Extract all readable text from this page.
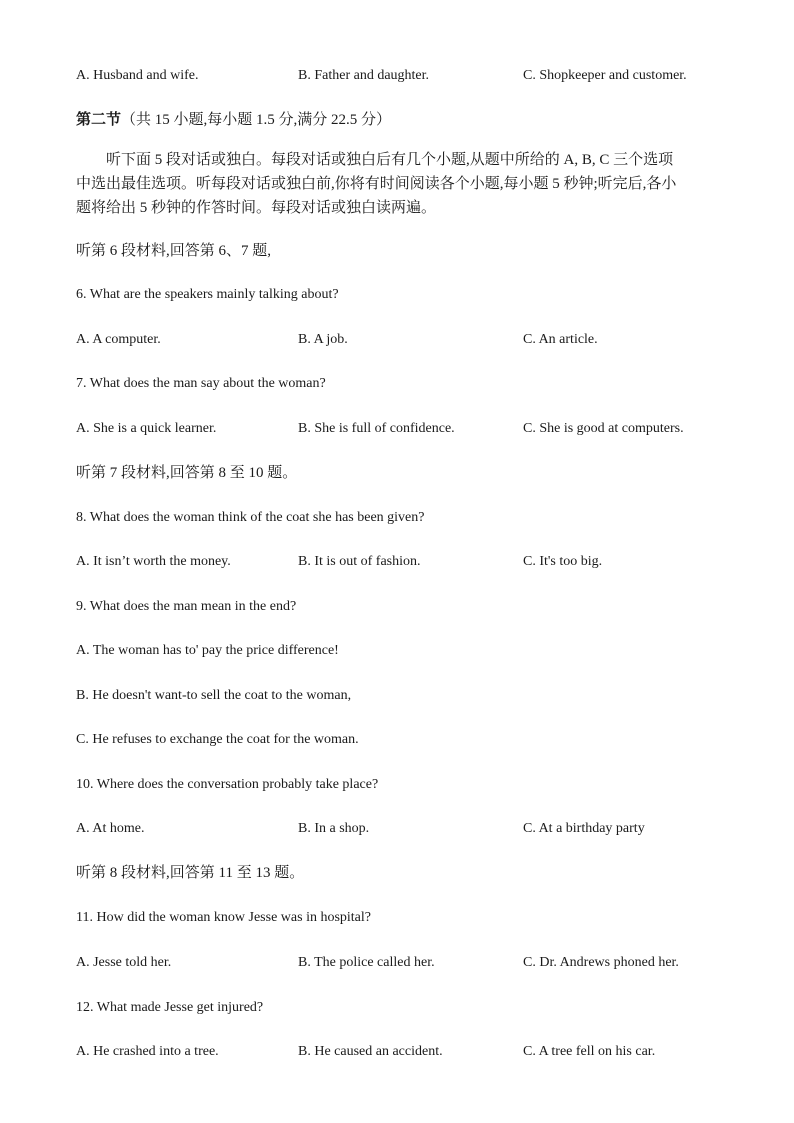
A. Husband and wife.	B. Father and daughter.	C. Shopkeeper and customer.
第二节（共 15 小题,每小题 1.5 分,满分 22.5 分）
听下面 5 段对话或独白。每段对话或独白后有几个小题,从题中所给的 A, B, C 三个选项
中选出最佳选项。听每段对话或独白前,你将有时间阅读各个小题,每小题 5 秒钟;听完后,各小
题将给出 5 秒钟的作答时间。每段对话或独白读两遍。
听第 6 段材料,回答第 6、7 题,
6. What are the speakers mainly talking about?
A. A computer.	B. A job.	C. An article.
7. What does the man say about the woman?
A. She is a quick learner.	B. She is full of confidence.	C. She is good at computers.
听第 7 段材料,回答第 8 至 10 题。
8. What does the woman think of the coat she has been given?
A. It isn’t worth the money.	B. It is out of fashion.	C. It's too big.
9. What does the man mean in the end?
A. The woman has to' pay the price difference!
B. He doesn't want-to sell the coat to the woman,
C. He refuses to exchange the coat for the woman.
10. Where does the conversation probably take place?
A. At home.	B. In a shop.	C. At a birthday party
听第 8 段材料,回答第 11 至 13 题。
11. How did the woman know Jesse was in hospital?
A. Jesse told her.	B. The police called her.	C. Dr. Andrews phoned her.
12. What made Jesse get injured?
A. He crashed into a tree.	B. He caused an accident.	C. A tree fell on his car.
